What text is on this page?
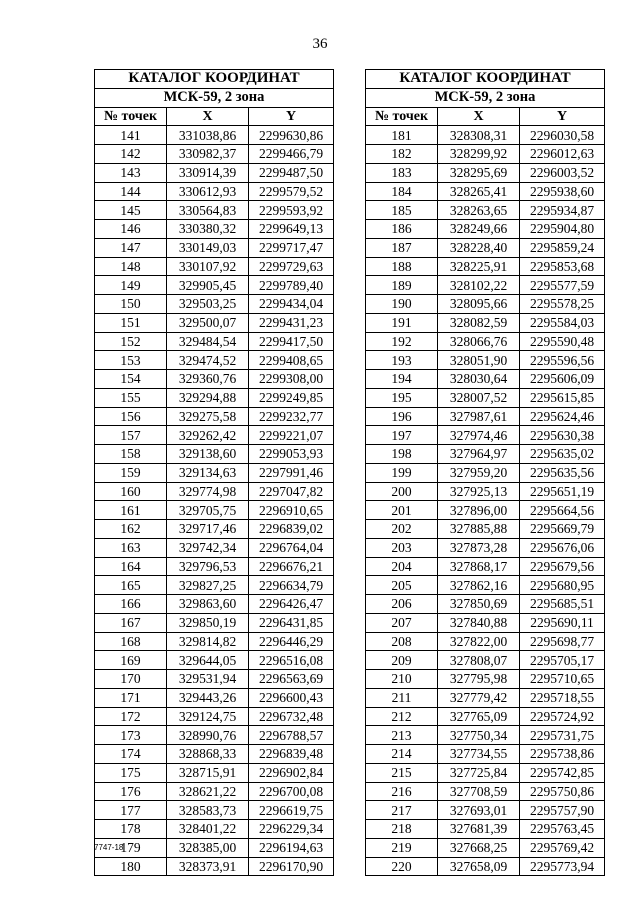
36
КАТАЛОГ КООРДИНАТ		
МСК-59, 2 зона		
№ точек	X	Y
141	331038,86	2299630,86
142	330982,37	2299466,79
143	330914,39	2299487,50
144	330612,93	2299579,52
145	330564,83	2299593,92
146	330380,32	2299649,13
147	330149,03	2299717,47
148	330107,92	2299729,63
149	329905,45	2299789,40
150	329503,25	2299434,04
151	329500,07	2299431,23
152	329484,54	2299417,50
153	329474,52	2299408,65
154	329360,76	2299308,00
155	329294,88	2299249,85
156	329275,58	2299232,77
157	329262,42	2299221,07
158	329138,60	2299053,93
159	329134,63	2297991,46
160	329774,98	2297047,82
161	329705,75	2296910,65
162	329717,46	2296839,02
163	329742,34	2296764,04
164	329796,53	2296676,21
165	329827,25	2296634,79
166	329863,60	2296426,47
167	329850,19	2296431,85
168	329814,82	2296446,29
169	329644,05	2296516,08
170	329531,94	2296563,69
171	329443,26	2296600,43
172	329124,75	2296732,48
173	328990,76	2296788,57
174	328868,33	2296839,48
175	328715,91	2296902,84
176	328621,22	2296700,08
177	328583,73	2296619,75
178	328401,22	2296229,34
179	328385,00	2296194,63
180	328373,91	2296170,90
КАТАЛОГ КООРДИНАТ		
МСК-59, 2 зона		
№ точек	X	Y
181	328308,31	2296030,58
182	328299,92	2296012,63
183	328295,69	2296003,52
184	328265,41	2295938,60
185	328263,65	2295934,87
186	328249,66	2295904,80
187	328228,40	2295859,24
188	328225,91	2295853,68
189	328102,22	2295577,59
190	328095,66	2295578,25
191	328082,59	2295584,03
192	328066,76	2295590,48
193	328051,90	2295596,56
194	328030,64	2295606,09
195	328007,52	2295615,85
196	327987,61	2295624,46
197	327974,46	2295630,38
198	327964,97	2295635,02
199	327959,20	2295635,56
200	327925,13	2295651,19
201	327896,00	2295664,56
202	327885,88	2295669,79
203	327873,28	2295676,06
204	327868,17	2295679,56
205	327862,16	2295680,95
206	327850,69	2295685,51
207	327840,88	2295690,11
208	327822,00	2295698,77
209	327808,07	2295705,17
210	327795,98	2295710,65
211	327779,42	2295718,55
212	327765,09	2295724,92
213	327750,34	2295731,75
214	327734,55	2295738,86
215	327725,84	2295742,85
216	327708,59	2295750,86
217	327693,01	2295757,90
218	327681,39	2295763,45
219	327668,25	2295769,42
220	327658,09	2295773,94
7747-18
